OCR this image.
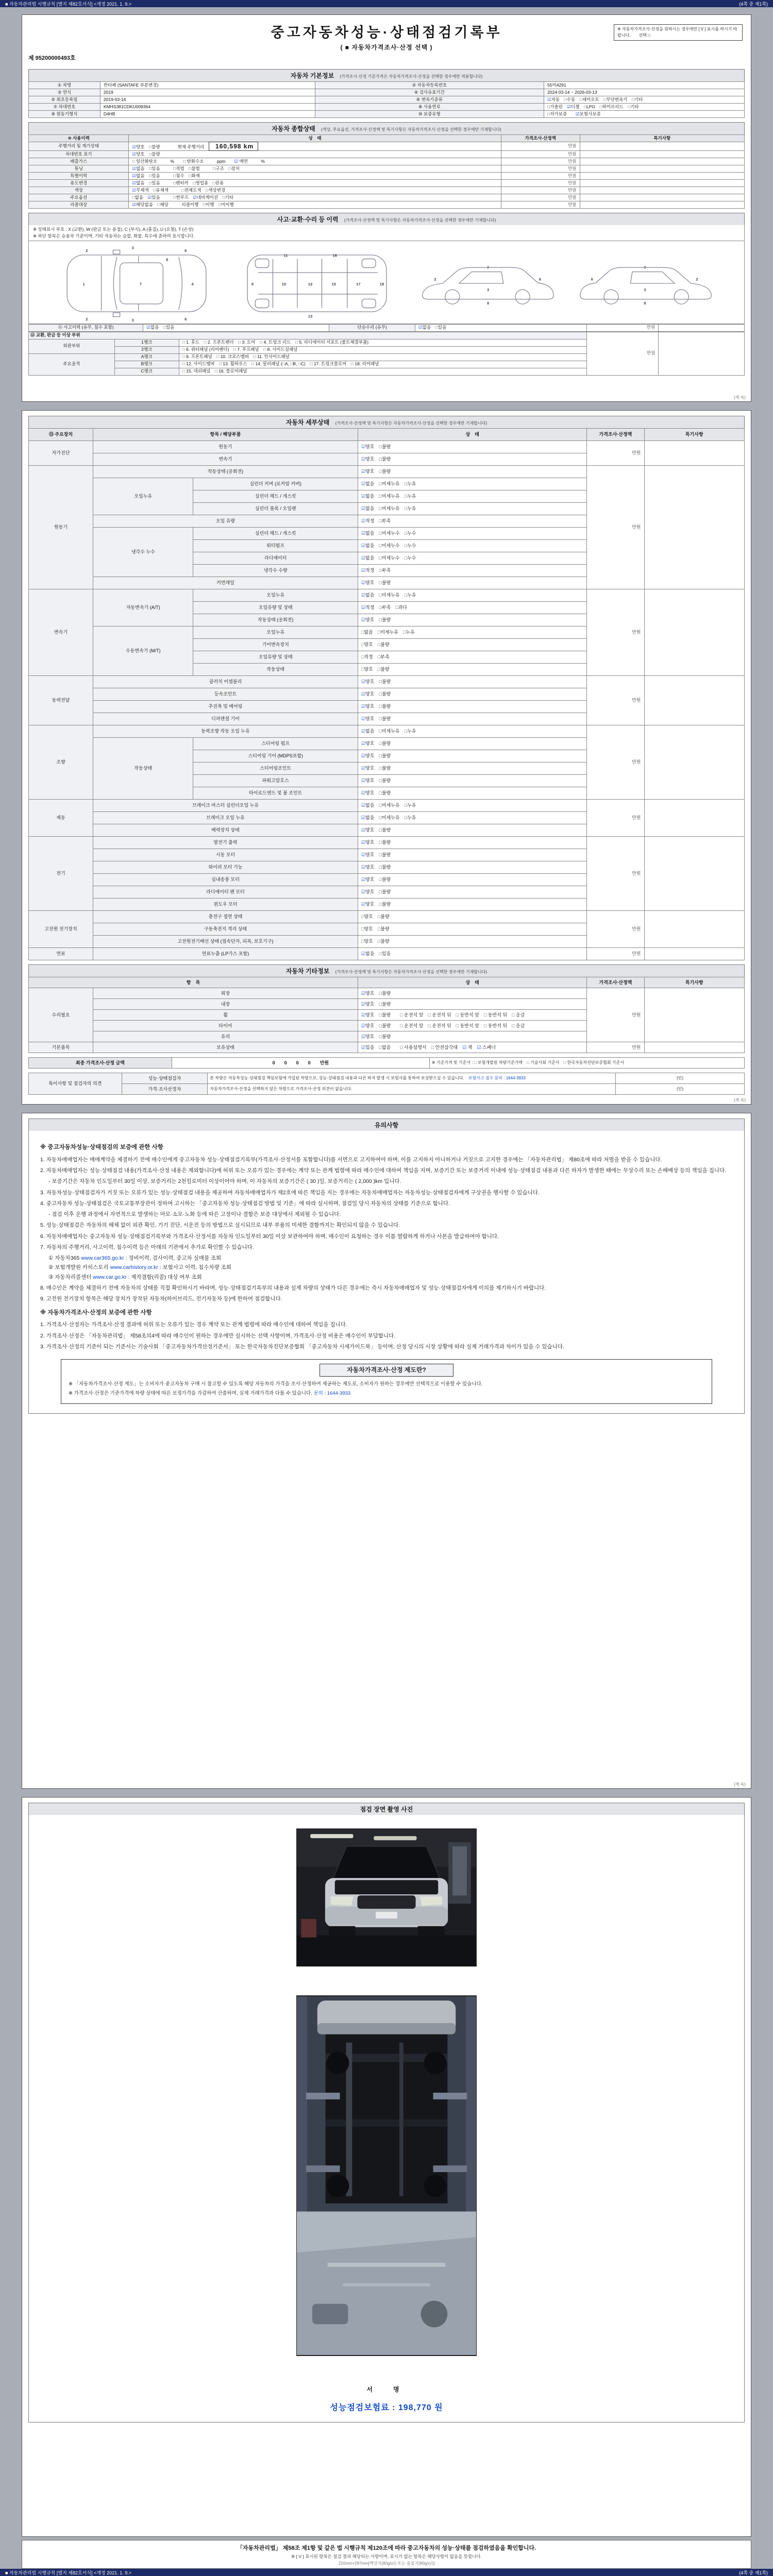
■ 자동차관리법 시행규칙 [별지 제82호서식] <개정 2021. 1. 9.>	(4쪽 중 제1쪽)
중고자동차성능·상태점검기록부
( ■ 자동차가격조사·산정 선택 )
※ 자동차가격조사·산정을 원하시는 경우에만 [ V ] 표시를 하시기 바랍니다.　　선택 □
제 95200000493호
자동차 기본정보 (가격조사·산정 기준가격은 자동차가격조사·산정을 선택한 경우에만 적용합니다)
① 차명	싼타페 (SANTAFE 부분변경)	② 자동차등록번호	55머4291
③ 연식	2019	④ 검사유효기간	2024-03-14 ~ 2026-03-13
⑤ 최초등록일	2019-03-14	⑥ 변속기종류	☑자동　□수동　□세미오토　□무단변속기　□기타
⑦ 차대번호	KMHS381CDKU009364	⑧ 사용연료	□가솔린　☑디젤　□LPG　□하이브리드　□기타
⑨ 원동기형식	D4HB	⑩ 보증유형	□자가보증　　☑보험사보증
자동차 종합상태 (색상, 주요옵션, 가격조사·산정액 및 특기사항은 자동차가격조사·산정을 선택한 경우에만 기재합니다)
⑩ 사용이력	상　태	가격조사·산정액	특기사항
주행거리 및 계기상태	☑양호　□불량　　　　현재 주행거리　 160,598 km	만원	
차대번호 표기	☑양호　□불량	만원	
배출가스	□ 일산화탄소　　　%　　□ 탄화수소　　　ppm　　☑ 매연　　　%	만원	
튜닝	☑없음　□있음　　　□적법　□불법　　　□구조　□장치	만원	
특별이력	☑없음　□있음　　　□침수　□화재	만원	
용도변경	☑없음　□있음　　　□렌터카　□영업용　□관용	만원	
색상	☑무채색　□유채색　　　□전체도색　□색상변경	만원	
주요옵션	□없음　☑있음　　　□썬루프　☑네비게이션　□기타	만원	
리콜대상	☑해당없음　□해당　　　리콜이행　□이행　□미이행	만원	
사고·교환·수리 등 이력 (가격조사·산정액 및 특기사항은 자동차가격조사·산정을 선택한 경우에만 기재합니다)
※ 상태표시 부호 : X (교환), W (판금 또는 용접), C (부식), A (흠집), U (요철), T (손상)
※ 하단 항목은 승용차 기준이며, 기타 자동차는 승합, 화물, 특수에 준하여 표시합니다.
1	7	4
2
2
3
3
6
6
8
9	10
11
12
13
15
16
17	18
2
7
3
6
8
2
7
3
6
8
⑪ 사고이력 (유무, 침수 포함)	☑없음　□있음	단순수리 (유무)	☑없음　□있음	만원	
⑫ 교환, 판금 등 이상 부위			만원	
외판부위	1랭크	□ 1. 후드　□ 2. 프론트펜더　□ 3. 도어　□ 4. 트렁크 리드　□ 5. 라디에이터 서포트 (볼트체결부품)		
	2랭크	□ 6. 쿼터패널 (리어펜더)　□ 7. 루프패널　□ 8. 사이드실패널		
주요골격	A랭크	□ 9. 프론트패널　□ 10. 크로스멤버　□ 11. 인사이드패널		
	B랭크	□ 12. 사이드멤버　□ 13. 휠하우스　□ 14. 필러패널 (□A, □B, □C)　□ 17. 트렁크플로어　□ 18. 리어패널		
	C랭크	□ 15. 대쉬패널　□ 16. 플로어패널		
(계 속)
자동차 세부상태 (가격조사·산정액 및 특기사항은 자동차가격조사·산정을 선택한 경우에만 기재합니다)
⑬ 주요장치	항목 / 해당부품		상　태	가격조사·산정액	특기사항
자가진단	원동기		☑양호　□불량	만원	
	변속기		☑양호　□불량		
원동기	작동상태 (공회전)		☑양호　□불량	만원	
	오일누유	실린더 커버 (로커암 커버)	☑없음　□미세누유　□누유		
		실린더 헤드 / 개스킷	☑없음　□미세누유　□누유		
		실린더 블록 / 오일팬	☑없음　□미세누유　□누유		
	오일 유량		☑적정　□부족		
	냉각수 누수	실린더 헤드 / 개스킷	☑없음　□미세누수　□누수		
		워터펌프	☑없음　□미세누수　□누수		
		라디에이터	☑없음　□미세누수　□누수		
		냉각수 수량	☑적정　□부족		
	커먼레일		☑양호　□불량		
변속기	자동변속기 (A/T)	오일누유	☑없음　□미세누유　□누유	만원	
		오일유량 및 상태	☑적정　□부족　□과다		
		작동상태 (공회전)	☑양호　□불량		
	수동변속기 (M/T)	오일누유	□없음　□미세누유　□누유		
		기어변속장치	□양호　□불량		
		오일유량 및 상태	□적정　□부족		
		작동상태	□양호　□불량		
동력전달	클러치 어셈블리		☑양호　□불량	만원	
	등속조인트		☑양호　□불량		
	추진축 및 베어링		☑양호　□불량		
	디퍼렌셜 기어		☑양호　□불량		
조향	동력조향 작동 오일 누유		☑없음　□미세누유　□누유	만원	
	작동상태	스티어링 펌프	☑양호　□불량		
		스티어링 기어 (MDPS포함)	☑양호　□불량		
		스티어링조인트	☑양호　□불량		
		파워고압호스	☑양호　□불량		
		타이로드엔드 및 볼 조인트	☑양호　□불량		
제동	브레이크 마스터 실린더오일 누유		☑없음　□미세누유　□누유	만원	
	브레이크 오일 누유		☑없음　□미세누유　□누유		
	배력장치 상태		☑양호　□불량		
전기	발전기 출력		☑양호　□불량	만원	
	시동 모터		☑양호　□불량		
	와이퍼 모터 기능		☑양호　□불량		
	실내송풍 모터		☑양호　□불량		
	라디에이터 팬 모터		☑양호　□불량		
	윈도우 모터		☑양호　□불량		
고전원 전기장치	충전구 절연 상태		□양호　□불량	만원	
	구동축전지 격리 상태		□양호　□불량		
	고전원전기배선 상태 (접속단자, 피복, 보호기구)		□양호　□불량		
연료	연료누출 (LP가스 포함)		☑없음　□있음	만원	
자동차 기타정보 (가격조사·산정액 및 특기사항은 자동차가격조사·산정을 선택한 경우에만 기재합니다)
항　목		상　태	가격조사·산정액	특기사항
수리필요	외장	☑양호　□불량	만원	
	내장	☑양호　□불량		
	휠	☑양호　□불량　　□ 운전석 앞　□ 운전석 뒤　□ 동반석 앞　□ 동반석 뒤　□ 응급		
	타이어	☑양호　□불량　　□ 운전석 앞　□ 운전석 뒤　□ 동반석 앞　□ 동반석 뒤　□ 응급		
	유리	☑양호　□불량		
기본품목	보유상태	☑있음　□없음　　□ 사용설명서　□ 안전삼각대　☑ 잭　☑ 스패너	만원	
최종 가격조사·산정 금액	0　　0　　0　　0　　만원	※ 기준가격 및 기준서 : □ 보험개발원 차량기준가액　□ 기술사회 기준서　□ 한국자동차진단보증협회 기준서
특이사항 및 점검자의 의견	성능·상태점검자	본 차량은 자동차성능·상태점검 책임보험에 가입된 차량으로, 성능·상태점검 내용과 다른 하자 발생 시 보험사를 통하여 보상받으실 수 있습니다.　보험사고 접수 문의 : 1644-3933	(인)
	가격·조사산정자	자동차가격조사·산정을 선택하지 않은 차량으로 가격조사·산정 의견이 없습니다.	(인)
(계 속)
유의사항
※ 중고자동차성능·상태점검의 보증에 관한 사항
1. 자동차매매업자는 매매계약을 체결하기 전에 매수인에게 중고자동차 성능·상태점검기록부(가격조사·산정서를 포함합니다)를 서면으로 고지하여야 하며, 이를 고지하지 아니하거나 거짓으로 고지한 경우에는 「자동차관리법」 제80조에 따라 처벌을 받을 수 있습니다.
2. 자동차매매업자는 성능·상태점검 내용(가격조사·산정 내용은 제외합니다)에 허위 또는 오류가 있는 경우에는 계약 또는 관계 법령에 따라 매수인에 대하여 책임을 지며, 보증기간 또는 보증거리 이내에 성능·상태점검 내용과 다른 하자가 발생한 때에는 무상수리 또는 손해배상 등의 책임을 집니다.
- 보증기간은 자동차 인도일부터 30일 이상, 보증거리는 2천킬로미터 이상이어야 하며, 이 자동차의 보증기간은 ( 30 )일, 보증거리는 ( 2,000 )km 입니다.
3. 자동차성능·상태점검자가 거짓 또는 오류가 있는 성능·상태점검 내용을 제공하여 자동차매매업자가 제2호에 따른 책임을 지는 경우에는 자동차매매업자는 자동차성능·상태점검자에게 구상권을 행사할 수 있습니다.
4. 중고자동차 성능·상태점검은 국토교통부장관이 정하여 고시하는 「중고자동차 성능·상태점검 방법 및 기준」에 따라 실시하며, 점검일 당시 자동차의 상태를 기준으로 합니다.
- 점검 이후 운행 과정에서 자연적으로 발생하는 마모·소모·노화 등에 따른 고장이나 결함은 보증 대상에서 제외될 수 있습니다.
5. 성능·상태점검은 자동차의 해체 없이 외관 확인, 기기 진단, 시운전 등의 방법으로 실시되므로 내부 부품의 미세한 결함까지는 확인되지 않을 수 있습니다.
6. 자동차매매업자는 중고자동차 성능·상태점검기록부와 가격조사·산정서를 자동차 인도일부터 30일 이상 보관하여야 하며, 매수인이 요청하는 경우 이를 열람하게 하거나 사본을 발급하여야 합니다.
7. 자동차의 주행거리, 사고이력, 침수이력 등은 아래의 기관에서 추가로 확인할 수 있습니다.
① 자동차365 www.car365.go.kr : 정비이력, 검사이력, 중고차 실매물 조회
② 보험개발원 카히스토리 www.carhistory.or.kr : 보험사고 이력, 침수차량 조회
③ 자동차리콜센터 www.car.go.kr : 제작결함(리콜) 대상 여부 조회
8. 매수인은 계약을 체결하기 전에 자동차의 상태를 직접 확인하시기 바라며, 성능·상태점검기록부의 내용과 실제 차량의 상태가 다른 경우에는 즉시 자동차매매업자 및 성능·상태점검자에게 이의를 제기하시기 바랍니다.
9. 고전원 전기장치 항목은 해당 장치가 장착된 자동차(하이브리드, 전기자동차 등)에 한하여 점검합니다.
※ 자동차가격조사·산정의 보증에 관한 사항
1. 가격조사·산정자는 가격조사·산정 결과에 허위 또는 오류가 있는 경우 계약 또는 관계 법령에 따라 매수인에 대하여 책임을 집니다.
2. 가격조사·산정은 「자동차관리법」 제58조의4에 따라 매수인이 원하는 경우에만 실시하는 선택 사항이며, 가격조사·산정 비용은 매수인이 부담합니다.
3. 가격조사·산정의 기준이 되는 기준서는 기술사회 「중고자동차가격산정기준서」 또는 한국자동차진단보증협회 「중고자동차 시세가이드북」 등이며, 산정 당시의 시장 상황에 따라 실제 거래가격과 차이가 있을 수 있습니다.
자동차가격조사·산정 제도란?

※ 「자동차가격조사·산정 제도」는 소비자가 중고자동차 구매 시 참고할 수 있도록 해당 자동차의 가격을 조사·산정하여 제공하는 제도로, 소비자가 원하는 경우에만 선택적으로 이용할 수 있습니다.

※ 가격조사·산정은 기준가격에 차량 상태에 따른 보정가격을 가감하여 산출하며, 실제 거래가격과 다를 수 있습니다. 문의 : 1644-3933

(계 속)
점검 장면 촬영 사진
서　명
성능점검보험료 : 198,770 원
「자동차관리법」 제58조 제1항 및 같은 법 시행규칙 제120조에 따라 중고자동차의 성능·상태를 점검하였음을 확인합니다.
※ [ V ] 표시된 항목은 점검 결과 해당되는 사항이며, 표시가 없는 항목은 해당사항이 없음을 뜻합니다.
210mm×297mm[백상지(80g/㎡) 또는 중질지(80g/㎡)]
■ 자동차관리법 시행규칙 [별지 제82호서식] <개정 2021. 1. 9.>	(4쪽 중 제1쪽)
